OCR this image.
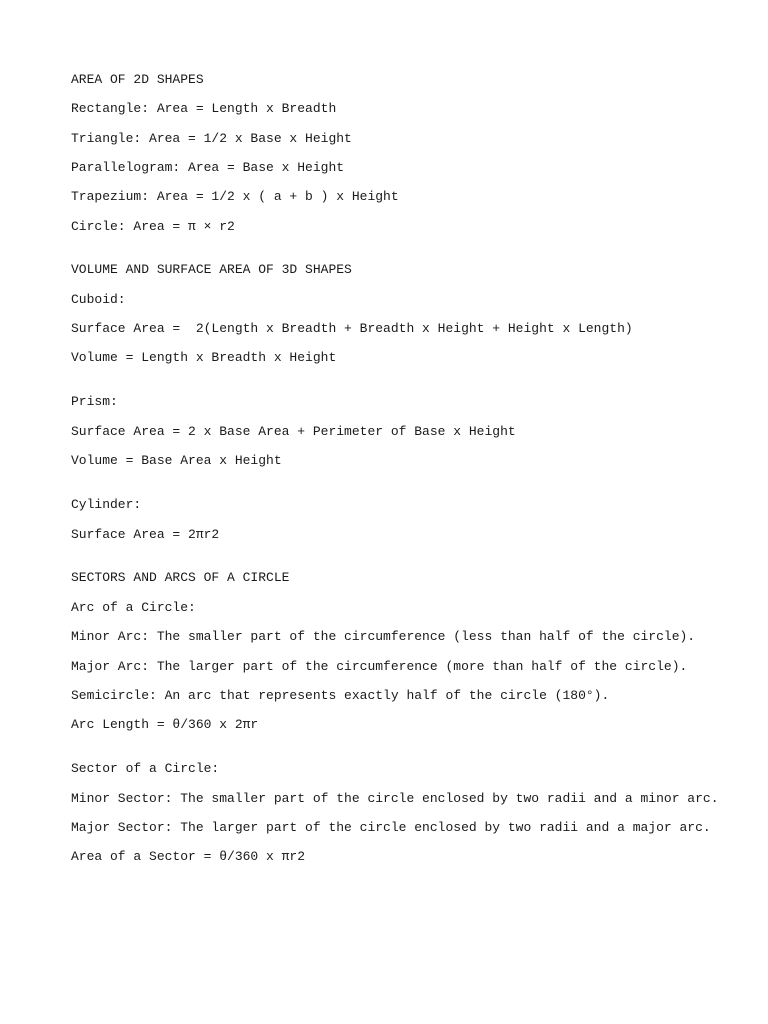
AREA OF 2D SHAPES
Rectangle: Area = Length x Breadth
Triangle: Area = 1/2 x Base x Height
Parallelogram: Area = Base x Height
Trapezium: Area = 1/2 x ( a + b ) x Height
Circle: Area = π × r2
VOLUME AND SURFACE AREA OF 3D SHAPES
Cuboid:
Surface Area =  2(Length x Breadth + Breadth x Height + Height x Length)
Volume = Length x Breadth x Height
Prism:
Surface Area = 2 x Base Area + Perimeter of Base x Height
Volume = Base Area x Height
Cylinder:
Surface Area = 2πr2
SECTORS AND ARCS OF A CIRCLE
Arc of a Circle:
Minor Arc: The smaller part of the circumference (less than half of the circle).
Major Arc: The larger part of the circumference (more than half of the circle).
Semicircle: An arc that represents exactly half of the circle (180°).
Arc Length = θ/360 x 2πr
Sector of a Circle:
Minor Sector: The smaller part of the circle enclosed by two radii and a minor arc.
Major Sector: The larger part of the circle enclosed by two radii and a major arc.
Area of a Sector = θ/360 x πr2
